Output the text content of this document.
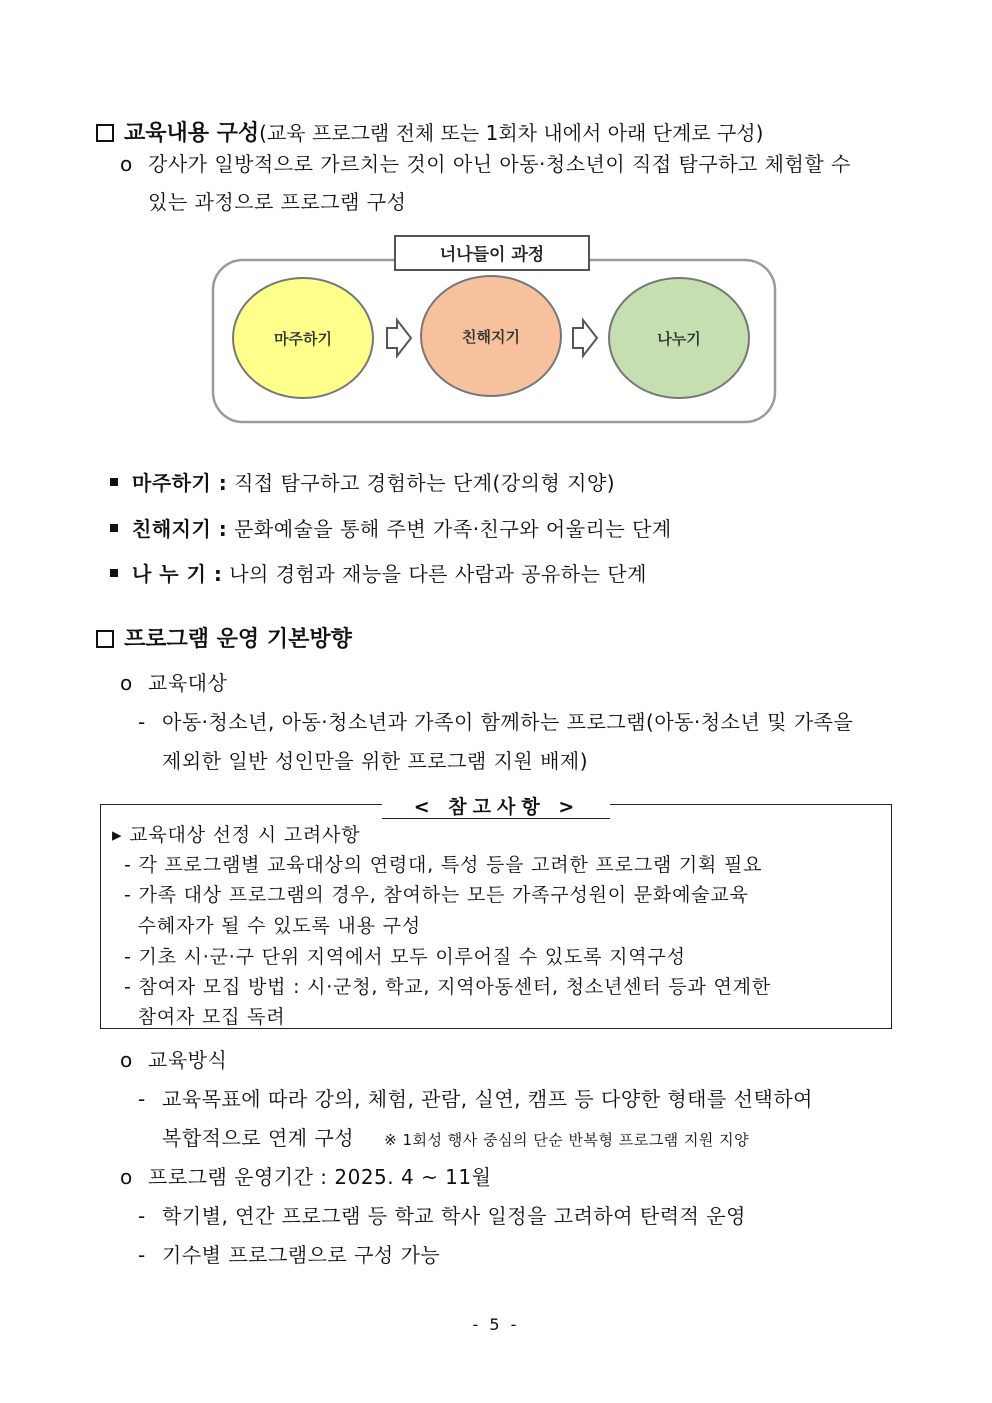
교육내용 구성(교육 프로그램 전체 또는 1회차 내에서 아래 단계로 구성)
o 강사가 일방적으로 가르치는 것이 아닌 아동·청소년이 직접 탐구하고 체험할 수
있는 과정으로 프로그램 구성
너나들이 과정
마주하기	친해지기	나누기
마주하기 : 직접 탐구하고 경험하는 단계(강의형 지양)
친해지기 : 문화예술을 통해 주변 가족·친구와 어울리는 단계
나 누 기 : 나의 경험과 재능을 다른 사람과 공유하는 단계
프로그램 운영 기본방향
o 교육대상
- 아동·청소년, 아동·청소년과 가족이 함께하는 프로그램(아동·청소년 및 가족을
제외한 일반 성인만을 위한 프로그램 지원 배제)
< 참고사항 >
▸ 교육대상 선정 시 고려사항
- 각 프로그램별 교육대상의 연령대, 특성 등을 고려한 프로그램 기획 필요
- 가족 대상 프로그램의 경우, 참여하는 모든 가족구성원이 문화예술교육
수혜자가 될 수 있도록 내용 구성
- 기초 시·군·구 단위 지역에서 모두 이루어질 수 있도록 지역구성
- 참여자 모집 방법 : 시·군청, 학교, 지역아동센터, 청소년센터 등과 연계한
참여자 모집 독려
o 교육방식
- 교육목표에 따라 강의, 체험, 관람, 실연, 캠프 등 다양한 형태를 선택하여
복합적으로 연계 구성 ※ 1회성 행사 중심의 단순 반복형 프로그램 지원 지양
o 프로그램 운영기간 : 2025. 4 ~ 11월
- 학기별, 연간 프로그램 등 학교 학사 일정을 고려하여 탄력적 운영
- 기수별 프로그램으로 구성 가능
- 5 -
